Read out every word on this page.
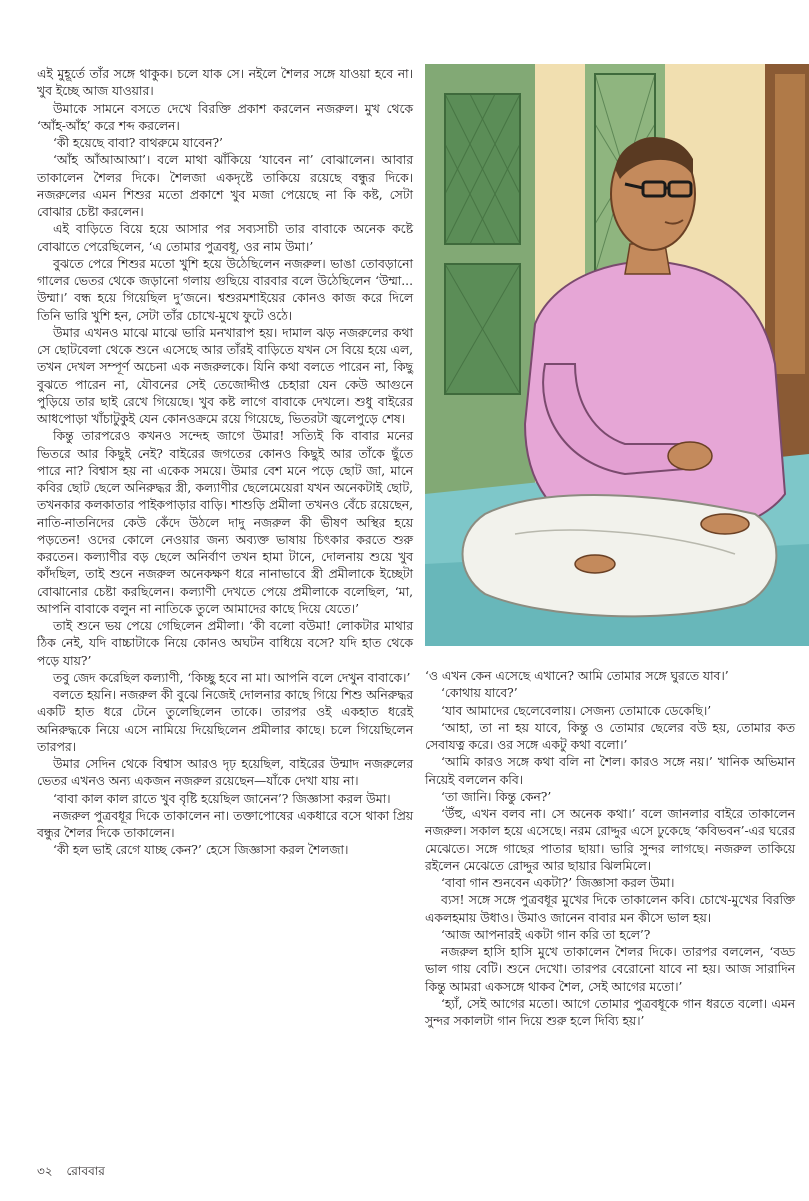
এই মুহূর্তে তাঁর সঙ্গে থাকুক। চলে যাক সে। নইলে শৈলর সঙ্গে যাওয়া হবে না। খুব ইচ্ছে আজ যাওয়ার।

উমাকে সামনে বসতে দেখে বিরক্তি প্রকাশ করলেন নজরুল। মুখ থেকে ‘আঁহ-আঁহ’ করে শব্দ করলেন।

‘কী হয়েছে বাবা? বাথরুমে যাবেন?’

‘আঁহ আঁআআআ’। বলে মাথা ঝাঁকিয়ে ‘যাবেন না’ বোঝালেন। আবার তাকালেন শৈলর দিকে। শৈলজা একদৃষ্টে তাকিয়ে রয়েছে বন্ধুর দিকে। নজরুলের এমন শিশুর মতো প্রকাশে খুব মজা পেয়েছে না কি কষ্ট, সেটা বোঝার চেষ্টা করলেন।

এই বাড়িতে বিয়ে হয়ে আসার পর সব্যসাচী তার বাবাকে অনেক কষ্টে বোঝাতে পেরেছিলেন, ‘এ তোমার পুত্রবধূ, ওর নাম উমা।’

বুঝতে পেরে শিশুর মতো খুশি হয়ে উঠেছিলেন নজরুল। ভাঙা তোবড়ানো গালের ভেতর থেকে জড়ানো গলায় গুছিয়ে বারবার বলে উঠেছিলেন ‘উম্মা... উম্মা।’ বন্ধ হয়ে গিয়েছিল দু’জনে। শ্বশুরমশাইয়ের কোনও কাজ করে দিলে তিনি ভারি খুশি হন, সেটা তাঁর চোখে-মুখে ফুটে ওঠে।

উমার এখনও মাঝে মাঝে ভারি মনখারাপ হয়। দামাল ঝড় নজরুলের কথা সে ছোটবেলা থেকে শুনে এসেছে আর তাঁরই বাড়িতে যখন সে বিয়ে হয়ে এল, তখন দেখল সম্পূর্ণ অচেনা এক নজরুলকে। যিনি কথা বলতে পারেন না, কিছু বুঝতে পারেন না, যৌবনের সেই তেজোদ্দীপ্ত চেহারা যেন কেউ আগুনে পুড়িয়ে তার ছাই রেখে গিয়েছে। খুব কষ্ট লাগে বাবাকে দেখলে। শুধু বাইরের আধপোড়া খাঁচাটুকুই যেন কোনওক্রমে রয়ে গিয়েছে, ভিতরটা জ্বলেপুড়ে শেষ।

কিন্তু তারপরেও কখনও সন্দেহ জাগে উমার! সত্যিই কি বাবার মনের ভিতরে আর কিছুই নেই? বাইরের জগতের কোনও কিছুই আর তাঁকে ছুঁতে পারে না? বিশ্বাস হয় না একেক সময়ে। উমার বেশ মনে পড়ে ছোট জা, মানে কবির ছোট ছেলে অনিরুদ্ধর স্ত্রী, কল্যাণীর ছেলেমেয়েরা যখন অনেকটাই ছোট, তখনকার কলকাতার পাইকপাড়ার বাড়ি। শাশুড়ি প্রমীলা তখনও বেঁচে রয়েছেন, নাতি-নাতনিদের কেউ কেঁদে উঠলে দাদু নজরুল কী ভীষণ অস্থির হয়ে পড়তেন! ওদের কোলে নেওয়ার জন্য অব্যক্ত ভাষায় চিৎকার করতে শুরু করতেন। কল্যাণীর বড় ছেলে অনির্বাণ তখন হামা টানে, দোলনায় শুয়ে খুব কাঁদছিল, তাই শুনে নজরুল অনেকক্ষণ ধরে নানাভাবে স্ত্রী প্রমীলাকে ইচ্ছেটা বোঝানোর চেষ্টা করছিলেন। কল্যাণী দেখতে পেয়ে প্রমীলাকে বলেছিল, ‘মা, আপনি বাবাকে বলুন না নাতিকে তুলে আমাদের কাছে দিয়ে যেতে।’

তাই শুনে ভয় পেয়ে গেছিলেন প্রমীলা। ‘কী বলো বউমা! লোকটার মাথার ঠিক নেই, যদি বাচ্চাটাকে নিয়ে কোনও অঘটন বাধিয়ে বসে? যদি হাত থেকে পড়ে যায়?’

তবু জেদ করেছিল কল্যাণী, ‘কিচ্ছু হবে না মা। আপনি বলে দেখুন বাবাকে।’

বলতে হয়নি। নজরুল কী বুঝে নিজেই দোলনার কাছে গিয়ে শিশু অনিরুদ্ধর একটি হাত ধরে টেনে তুলেছিলেন তাকে। তারপর ওই একহাত ধরেই অনিরুদ্ধকে নিয়ে এসে নামিয়ে দিয়েছিলেন প্রমীলার কাছে। চলে গিয়েছিলেন তারপর।

উমার সেদিন থেকে বিশ্বাস আরও দৃঢ় হয়েছিল, বাইরের উন্মাদ নজরুলের ভেতর এখনও অন্য একজন নজরুল রয়েছেন—যাঁকে দেখা যায় না।

‘বাবা কাল কাল রাতে খুব বৃষ্টি হয়েছিল জানেন’? জিজ্ঞাসা করল উমা।

নজরুল পুত্রবধূর দিকে তাকালেন না। তক্তাপোষের একধারে বসে থাকা প্রিয় বন্ধুর শৈলর দিকে তাকালেন।

‘কী হল ভাই রেগে যাচ্ছ কেন?’ হেসে জিজ্ঞাসা করল শৈলজা।

‘ও এখন কেন এসেছে এখানে? আমি তোমার সঙ্গে ঘুরতে যাব।’

‘কোথায় যাবে?’

‘যাব আমাদের ছেলেবেলায়। সেজন্য তোমাকে ডেকেছি।’

‘আহা, তা না হয় যাবে, কিন্তু ও তোমার ছেলের বউ হয়, তোমার কত সেবাযত্ন করে। ওর সঙ্গে একটু কথা বলো।’

‘আমি কারও সঙ্গে কথা বলি না শৈল। কারও সঙ্গে নয়।’ খানিক অভিমান নিয়েই বললেন কবি।

‘তা জানি। কিন্তু কেন?’

‘উঁহু, এখন বলব না। সে অনেক কথা।’ বলে জানলার বাইরে তাকালেন নজরুল। সকাল হয়ে এসেছে। নরম রোদ্দুর এসে ঢুকেছে ‘কবিভবন’-এর ঘরের মেঝেতে। সঙ্গে গাছের পাতার ছায়া। ভারি সুন্দর লাগছে। নজরুল তাকিয়ে রইলেন মেঝেতে রোদ্দুর আর ছায়ার ঝিলমিলে।

‘বাবা গান শুনবেন একটা?’ জিজ্ঞাসা করল উমা।

ব্যস! সঙ্গে সঙ্গে পুত্রবধূর মুখের দিকে তাকালেন কবি। চোখে-মুখের বিরক্তি একলহমায় উধাও। উমাও জানেন বাবার মন কীসে ভাল হয়।

‘আজ আপনারই একটা গান করি তা হলে’?

নজরুল হাসি হাসি মুখে তাকালেন শৈলর দিকে। তারপর বললেন, ‘বড্ড ভাল গায় বেটি। শুনে দেখো। তারপর বেরোনো যাবে না হয়। আজ সারাদিন কিন্তু আমরা একসঙ্গে থাকব শৈল, সেই আগের মতো।’

‘হ্যাঁ, সেই আগের মতো। আগে তোমার পুত্রবধূকে গান ধরতে বলো। এমন সুন্দর সকালটা গান দিয়ে শুরু হলে দিব্যি হয়।’

৩২ রোববার
